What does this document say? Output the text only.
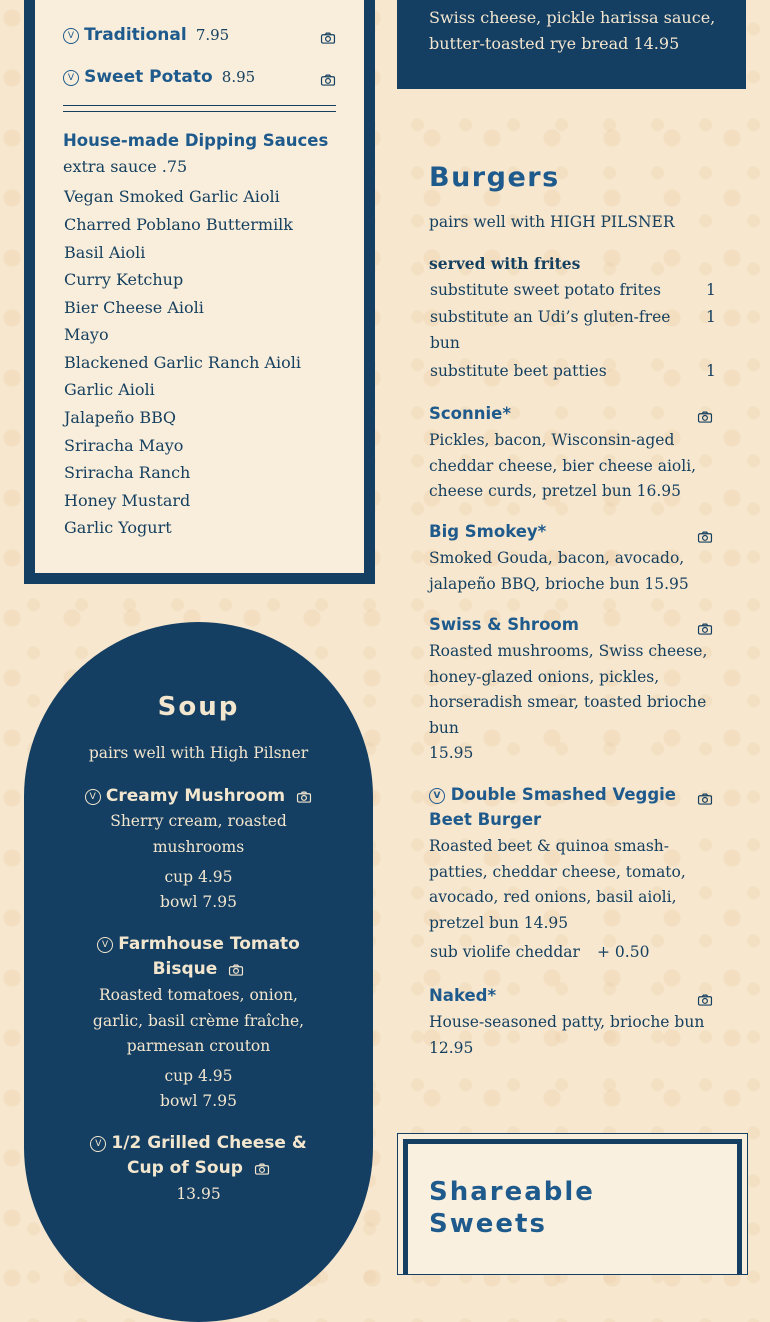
V Traditional 7.95
V Sweet Potato 8.95
House-made Dipping Sauces
extra sauce .75
Vegan Smoked Garlic Aioli
Charred Poblano Buttermilk
Basil Aioli
Curry Ketchup
Bier Cheese Aioli
Mayo
Blackened Garlic Ranch Aioli
Garlic Aioli
Jalapeño BBQ
Sriracha Mayo
Sriracha Ranch
Honey Mustard
Garlic Yogurt
Swiss cheese, pickle harissa sauce,
butter-toasted rye bread 14.95
Burgers
pairs well with HIGH PILSNER
served with frites
substitute sweet potato frites	1
substitute an Udi’s gluten-free
bun
1
substitute beet patties	1
Sconnie*
Pickles, bacon, Wisconsin-aged
cheddar cheese, bier cheese aioli,
cheese curds, pretzel bun 16.95
Big Smokey*
Smoked Gouda, bacon, avocado,
jalapeño BBQ, brioche bun 15.95
Swiss & Shroom
Roasted mushrooms, Swiss cheese,
honey-glazed onions, pickles,
horseradish smear, toasted brioche
bun
15.95
V Double Smashed Veggie
Beet Burger
Roasted beet & quinoa smash-
patties, cheddar cheese, tomato,
avocado, red onions, basil aioli,
pretzel bun 14.95
sub violife cheddar + 0.50
Naked*
House-seasoned patty, brioche bun
12.95
Soup
pairs well with High Pilsner
V Creamy Mushroom
Sherry cream, roasted
mushrooms
cup 4.95
bowl 7.95
V Farmhouse Tomato
Bisque
Roasted tomatoes, onion,
garlic, basil crème fraîche,
parmesan crouton
cup 4.95
bowl 7.95
V 1/2 Grilled Cheese &
Cup of Soup
13.95	Shareable
Sweets
